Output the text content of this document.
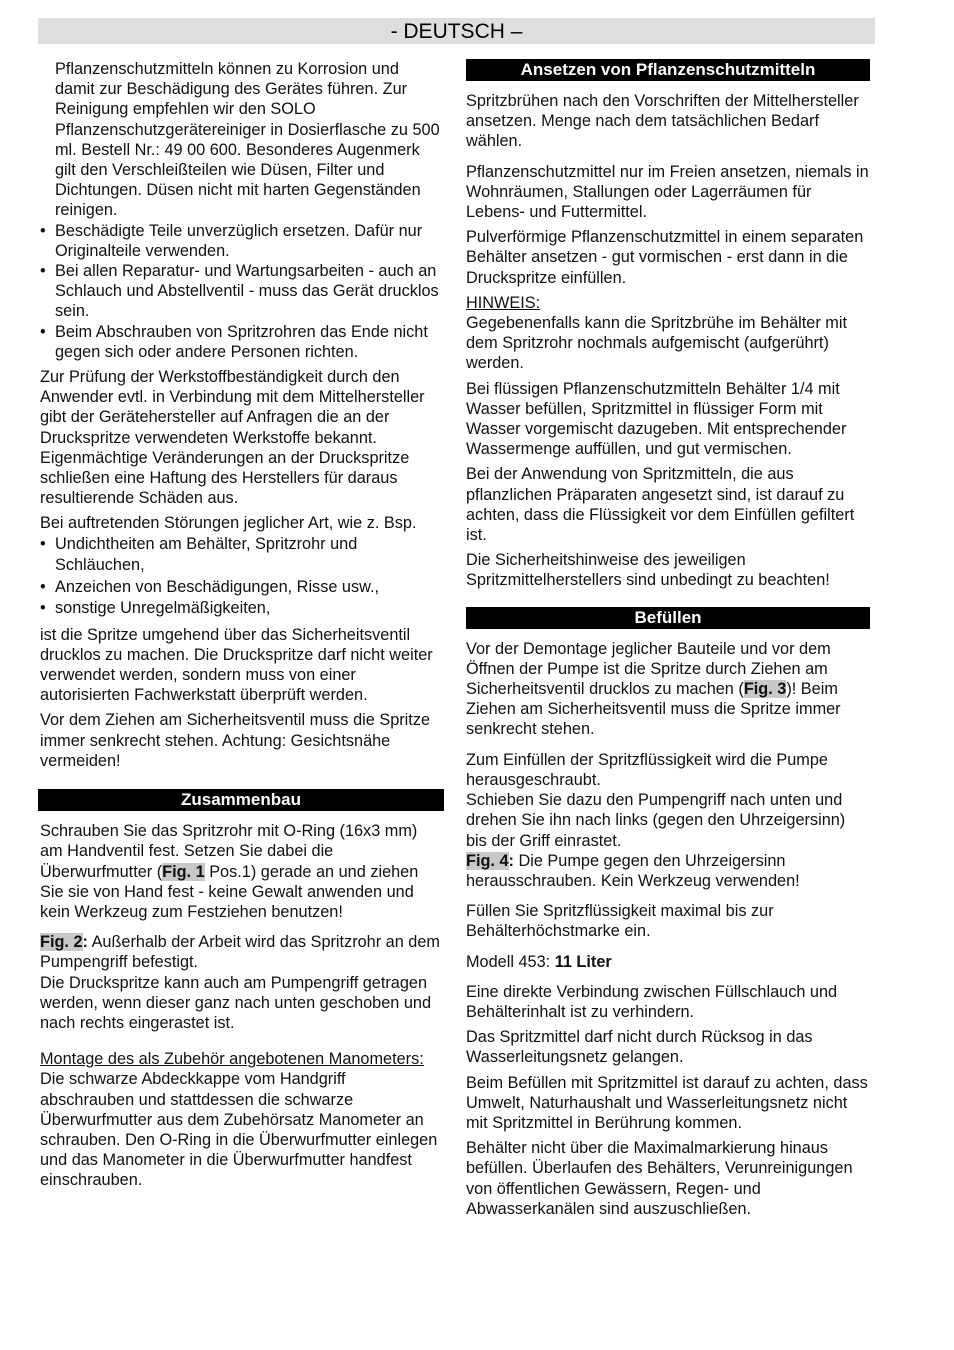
- DEUTSCH –

Pflanzenschutzmitteln können zu Korrosion und damit zur Beschädigung des Gerätes führen. Zur Reinigung empfehlen wir den SOLO Pflanzenschutzgerätereiniger in Dosierflasche zu 500 ml. Bestell Nr.: 49 00 600. Besonderes Augenmerk gilt den Verschleißteilen wie Düsen, Filter und Dichtungen. Düsen nicht mit harten Gegenständen reinigen.

• Beschädigte Teile unverzüglich ersetzen. Dafür nur Originalteile verwenden.
• Bei allen Reparatur- und Wartungsarbeiten - auch an Schlauch und Abstellventil - muss das Gerät drucklos sein.
• Beim Abschrauben von Spritzrohren das Ende nicht gegen sich oder andere Personen richten.

Zur Prüfung der Werkstoffbeständigkeit durch den Anwender evtl. in Verbindung mit dem Mittelhersteller gibt der Gerätehersteller auf Anfragen die an der Druckspritze verwendeten Werkstoffe bekannt. Eigenmächtige Veränderungen an der Druckspritze schließen eine Haftung des Herstellers für daraus resultierende Schäden aus.

Bei auftretenden Störungen jeglicher Art, wie z. Bsp.

• Undichtheiten am Behälter, Spritzrohr und Schläuchen,
• Anzeichen von Beschädigungen, Risse usw.,
• sonstige Unregelmäßigkeiten,

ist die Spritze umgehend über das Sicherheitsventil drucklos zu machen. Die Druckspritze darf nicht weiter verwendet werden, sondern muss von einer autorisierten Fachwerkstatt überprüft werden.

Vor dem Ziehen am Sicherheitsventil muss die Spritze immer senkrecht stehen. Achtung: Gesichtsnähe vermeiden!

Zusammenbau

Schrauben Sie das Spritzrohr mit O-Ring (16x3 mm) am Handventil fest. Setzen Sie dabei die Überwurfmutter (Fig. 1 Pos.1) gerade an und ziehen Sie sie von Hand fest - keine Gewalt anwenden und kein Werkzeug zum Festziehen benutzen!

Fig. 2: Außerhalb der Arbeit wird das Spritzrohr an dem Pumpengriff befestigt.

Die Druckspritze kann auch am Pumpengriff getragen werden, wenn dieser ganz nach unten geschoben und nach rechts eingerastet ist.

Montage des als Zubehör angebotenen Manometers:

Die schwarze Abdeckkappe vom Handgriff abschrauben und stattdessen die schwarze Überwurfmutter aus dem Zubehörsatz Manometer an schrauben. Den O-Ring in die Überwurfmutter einlegen und das Manometer in die Überwurfmutter handfest einschrauben.

Ansetzen von Pflanzenschutzmitteln

Spritzbrühen nach den Vorschriften der Mittelhersteller ansetzen. Menge nach dem tatsächlichen Bedarf wählen.

Pflanzenschutzmittel nur im Freien ansetzen, niemals in Wohnräumen, Stallungen oder Lagerräumen für Lebens- und Futtermittel.

Pulverförmige Pflanzenschutzmittel in einem separaten Behälter ansetzen - gut vormischen - erst dann in die Druckspritze einfüllen.

HINWEIS:

Gegebenenfalls kann die Spritzbrühe im Behälter mit dem Spritzrohr nochmals aufgemischt (aufgerührt) werden.

Bei flüssigen Pflanzenschutzmitteln Behälter 1/4 mit Wasser befüllen, Spritzmittel in flüssiger Form mit Wasser vorgemischt dazugeben. Mit entsprechender Wassermenge auffüllen, und gut vermischen.

Bei der Anwendung von Spritzmitteln, die aus pflanzlichen Präparaten angesetzt sind, ist darauf zu achten, dass die Flüssigkeit vor dem Einfüllen gefiltert ist.

Die Sicherheitshinweise des jeweiligen Spritzmittelherstellers sind unbedingt zu beachten!

Befüllen

Vor der Demontage jeglicher Bauteile und vor dem Öffnen der Pumpe ist die Spritze durch Ziehen am Sicherheitsventil drucklos zu machen (Fig. 3)! Beim Ziehen am Sicherheitsventil muss die Spritze immer senkrecht stehen.

Zum Einfüllen der Spritzflüssigkeit wird die Pumpe herausgeschraubt.

Schieben Sie dazu den Pumpengriff nach unten und drehen Sie ihn nach links (gegen den Uhrzeigersinn) bis der Griff einrastet.

Fig. 4: Die Pumpe gegen den Uhrzeigersinn herausschrauben. Kein Werkzeug verwenden!

Füllen Sie Spritzflüssigkeit maximal bis zur Behälterhöchstmarke ein.

Modell 453: 11 Liter

Eine direkte Verbindung zwischen Füllschlauch und Behälterinhalt ist zu verhindern.

Das Spritzmittel darf nicht durch Rücksog in das Wasserleitungsnetz gelangen.

Beim Befüllen mit Spritzmittel ist darauf zu achten, dass Umwelt, Naturhaushalt und Wasserleitungsnetz nicht mit Spritzmittel in Berührung kommen.

Behälter nicht über die Maximalmarkierung hinaus befüllen. Überlaufen des Behälters, Verunreinigungen von öffentlichen Gewässern, Regen- und Abwasserkanälen sind auszuschließen.
